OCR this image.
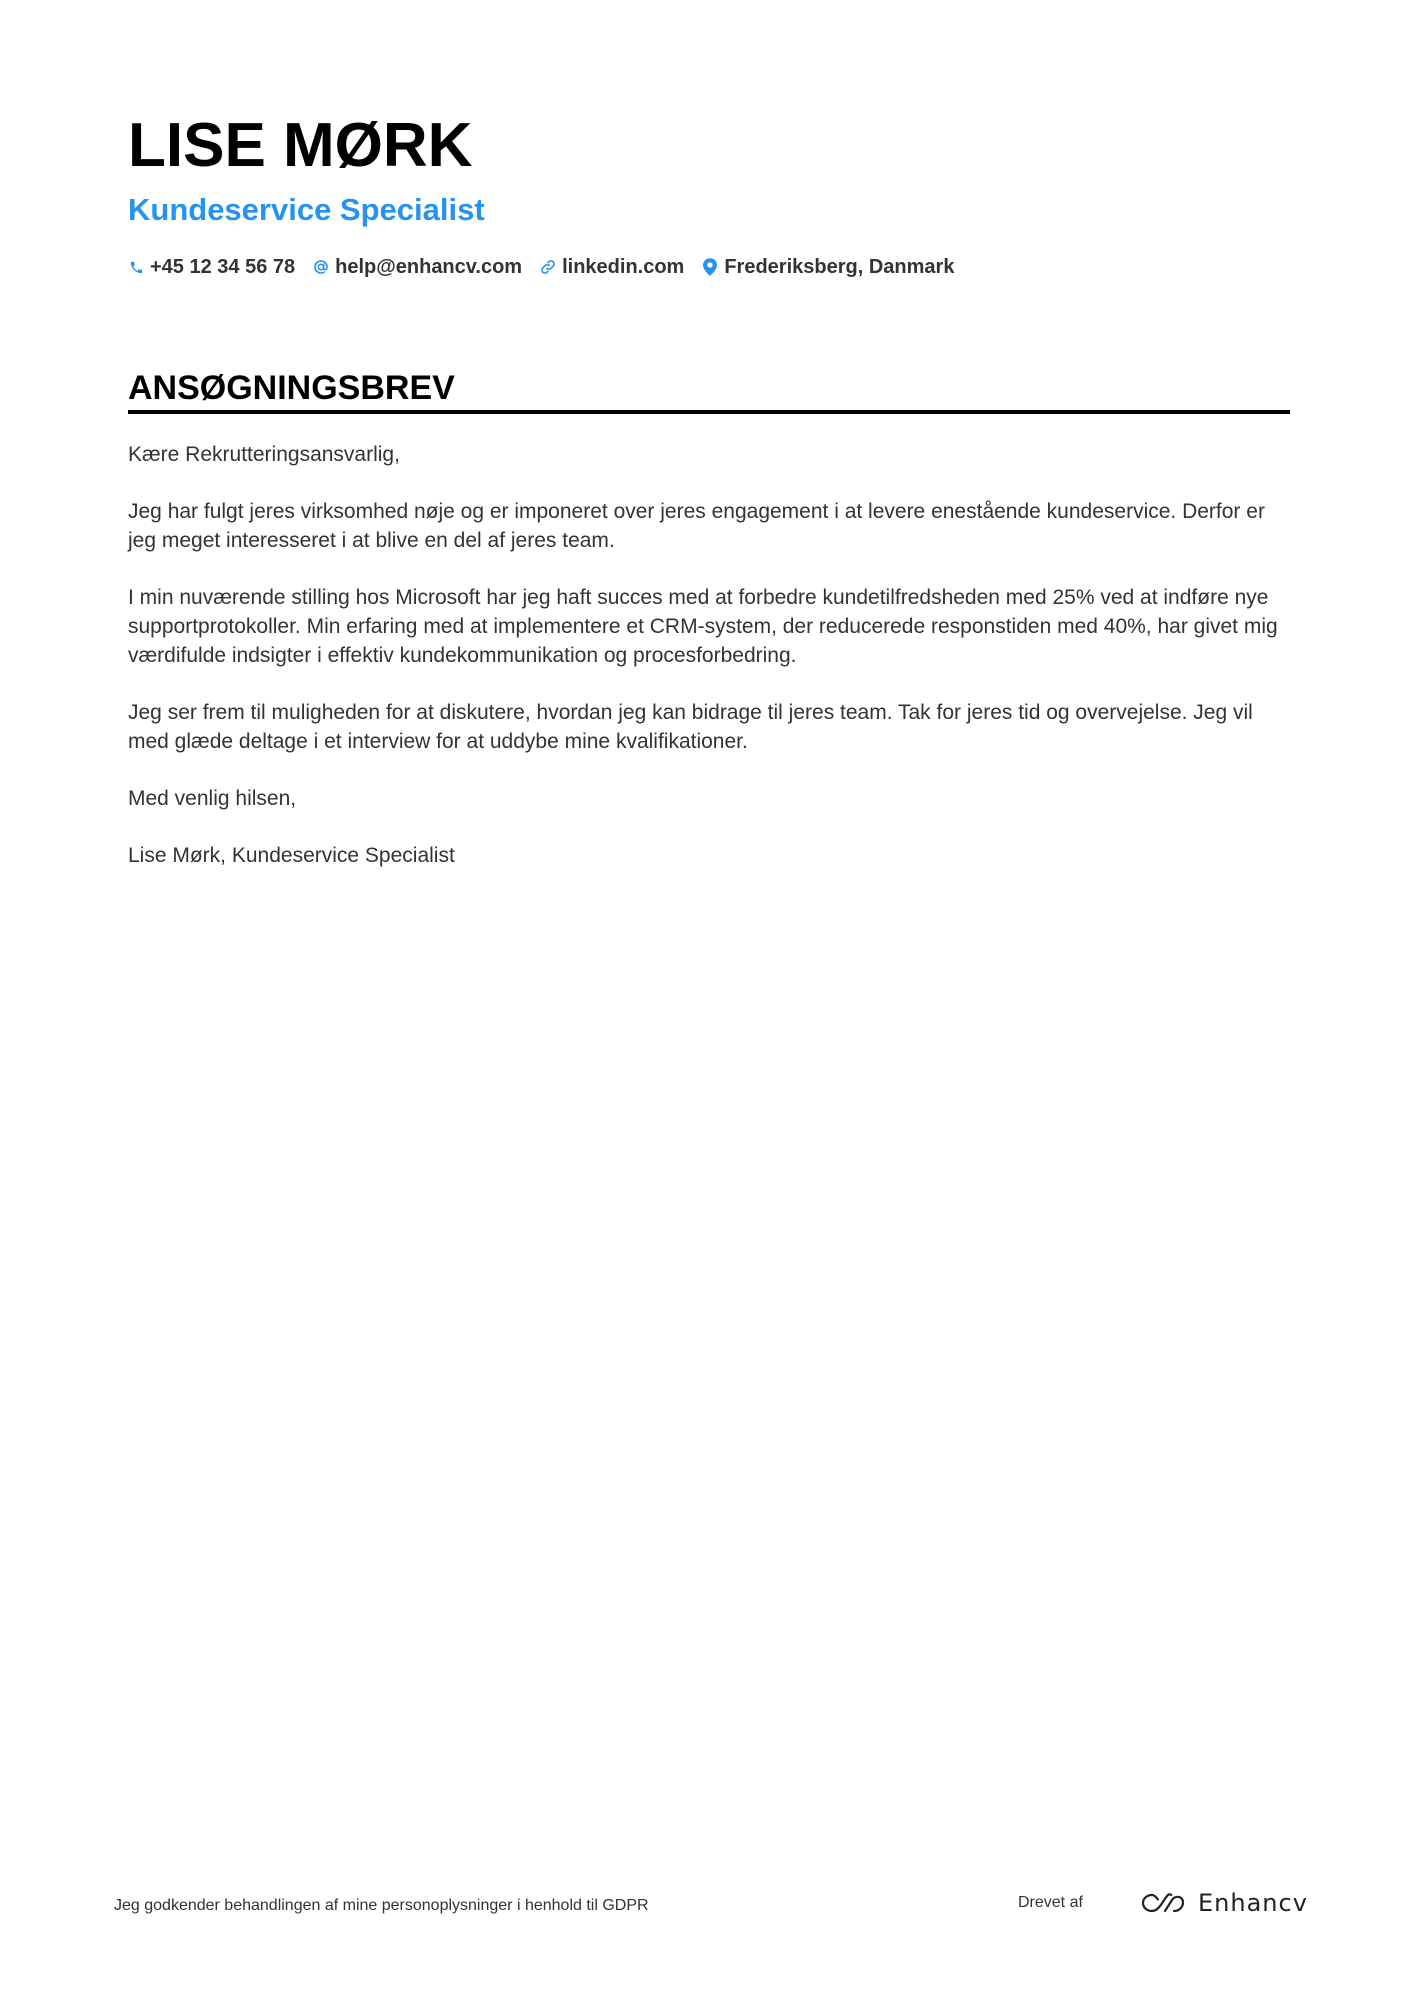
LISE MØRK
Kundeservice Specialist
+45 12 34 56 78 help@enhancv.com linkedin.com Frederiksberg, Danmark
ANSØGNINGSBREV

Kære Rekrutteringsansvarlig,

Jeg har fulgt jeres virksomhed nøje og er imponeret over jeres engagement i at levere enestående kundeservice. Derfor er jeg meget interesseret i at blive en del af jeres team.

I min nuværende stilling hos Microsoft har jeg haft succes med at forbedre kundetilfredsheden med 25% ved at indføre nye supportprotokoller. Min erfaring med at implementere et CRM-system, der reducerede responstiden med 40%, har givet mig værdifulde indsigter i effektiv kundekommunikation og procesforbedring.

Jeg ser frem til muligheden for at diskutere, hvordan jeg kan bidrage til jeres team. Tak for jeres tid og overvejelse. Jeg vil med glæde deltage i et interview for at uddybe mine kvalifikationer.

Med venlig hilsen,

Lise Mørk, Kundeservice Specialist

Jeg godkender behandlingen af mine personoplysninger i henhold til GDPR	Drevet af	Enhancv
